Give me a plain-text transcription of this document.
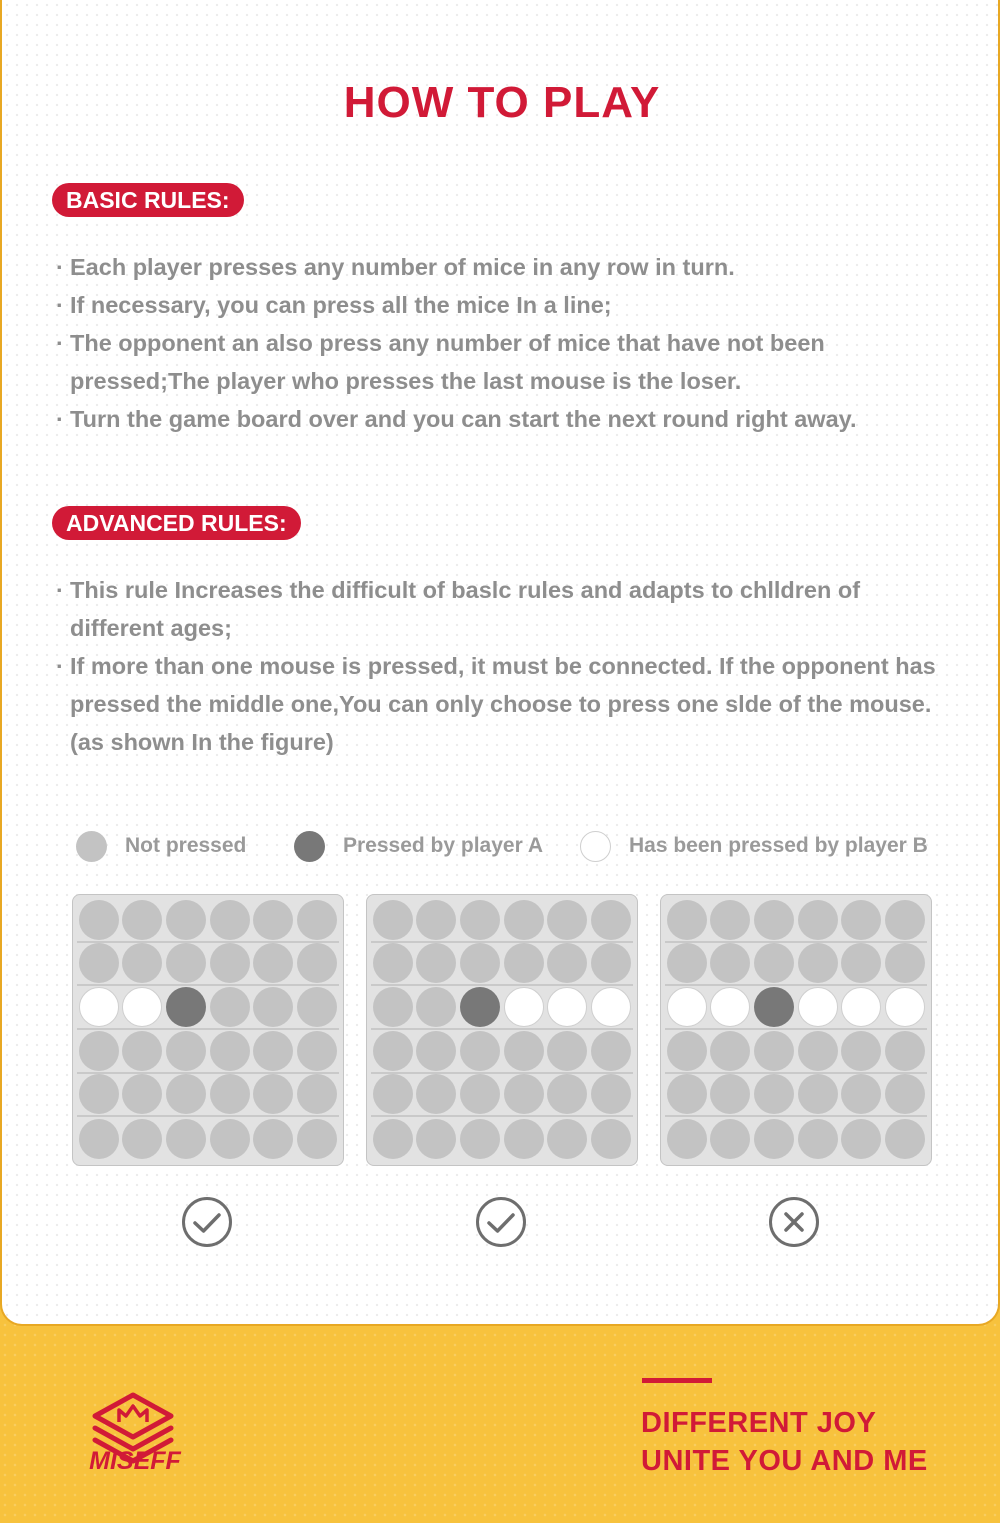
HOW TO PLAY
BASIC RULES:
· Each player presses any number of mice in any row in turn.
· If necessary, you can press all the mice In a line;
· The opponent an also press any number of mice that have not been pressed;The player who presses the last mouse is the loser.
· Turn the game board over and you can start the next round right away.
ADVANCED RULES:
· This rule Increases the difficult of baslc rules and adapts to chlldren of different ages;
· If more than one mouse is pressed, it must be connected. If the opponent has pressed the middle one,You can only choose to press one slde of the mouse. (as shown In the figure)
Not pressed	Pressed by player A	Has been pressed by player B
MISEFF
DIFFERENT JOY
UNITE YOU AND ME
